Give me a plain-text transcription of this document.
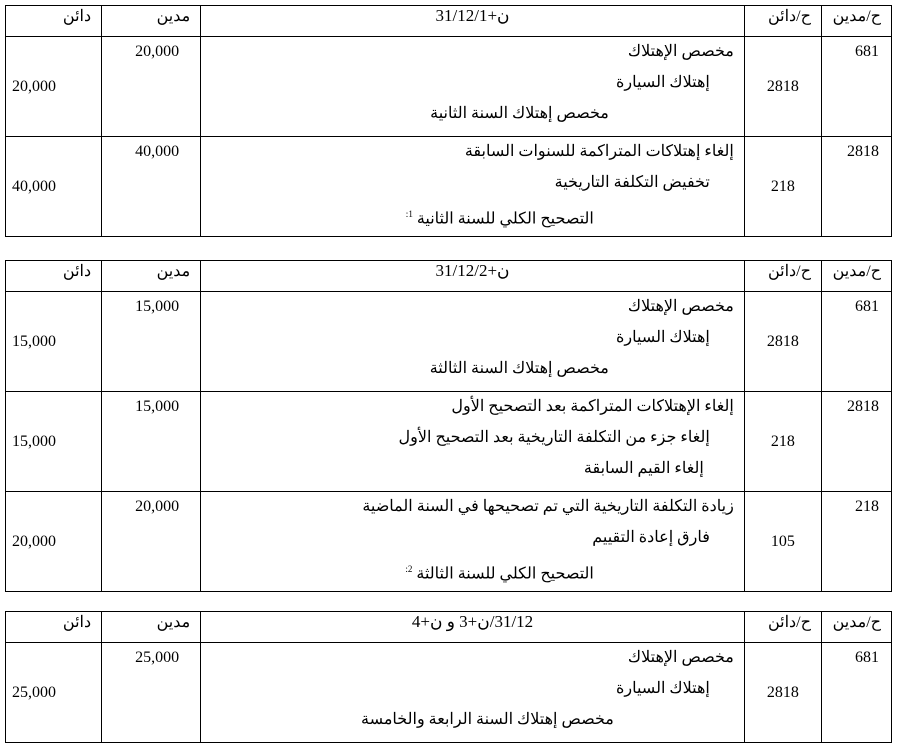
ح/مدين	ح/دائن	31/12/ن+1	مدين	دائن
681	2818	مخصص الإهتلاك
إهتلاك السيارة
مخصص إهتلاك السنة الثانية	20,000	20,000
2818	218	إلغاء إهتلاكات المتراكمة للسنوات السابقة
تخفيض التكلفة التاريخية
التصحيح الكلي للسنة الثانية $^{1:}$	40,000	40,000
ح/مدين	ح/دائن	31/12/ن+2	مدين	دائن
681	2818	مخصص الإهتلاك
إهتلاك السيارة
مخصص إهتلاك السنة الثالثة	15,000	15,000
2818	218	إلغاء الإهتلاكات المتراكمة بعد التصحيح الأول
إلغاء جزء من التكلفة التاريخية بعد التصحيح الأول
إلغاء القيم السابقة	15,000	15,000
218	105	زيادة التكلفة التاريخية التي تم تصحيحها في السنة الماضية
فارق إعادة التقييم
التصحيح الكلي للسنة الثالثة $^{2:}$	20,000	20,000
ح/مدين	ح/دائن	31/12/ن+3 و ن+4	مدين	دائن
681	2818	مخصص الإهتلاك
إهتلاك السيارة
مخصص إهتلاك السنة الرابعة والخامسة	25,000	25,000
